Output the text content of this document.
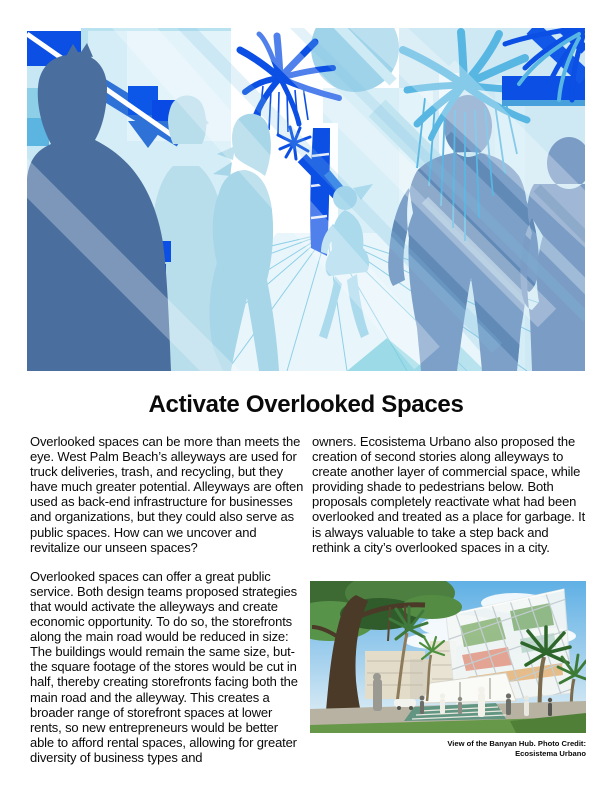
Activate Overlooked Spaces

Overlooked spaces can be more than meets the eye. West Palm Beach’s alleyways are used for truck deliveries, trash, and recycling, but they have much greater potential. Alleyways are often used as back-end infrastructure for businesses and organizations, but they could also serve as public spaces. How can we uncover and revitalize our unseen spaces?

Overlooked spaces can offer a great public service. Both design teams proposed strategies that would activate the alleyways and create economic opportunity. To do so, the storefronts along the main road would be reduced in size: The buildings would remain the same size, but- the square footage of the stores would be cut in half, thereby creating storefronts facing both the main road and the alleyway. This creates a broader range of storefront spaces at lower rents, so new entrepreneurs would be better able to afford rental spaces, allowing for greater diversity of business types and

owners. Ecosistema Urbano also proposed the creation of second stories along alleyways to create another layer of commercial space, while providing shade to pedestrians below. Both proposals completely reactivate what had been overlooked and treated as a place for garbage. It is always valuable to take a step back and rethink a city’s overlooked spaces in a city.

View of the Banyan Hub. Photo Credit:
Ecosistema Urbano
